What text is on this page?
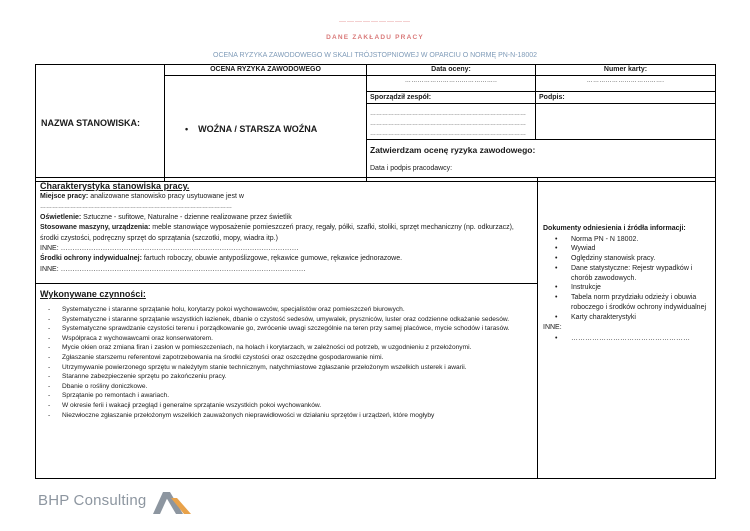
—————————
DANE ZAKŁADU PRACY
OCENA RYZYKA ZAWODOWEGO W SKALI TRÓJSTOPNIOWEJ W OPARCIU O NORMĘ PN-N-18002
NAZWA STANOWISKA:	OCENA RYZYKA ZAWODOWEGO	Data oceny:	Numer karty:
	• WOŹNA / STARSZA WOŹNA	……………………………………..	……………………………….
		Sporządził zespół:	Podpis:

		……………………………………………………………………
……………………………………………………………………
……………………………………………………………………	

		Zatwierdzam ocenę ryzyka zawodowego:
Data i podpis pracodawcy:	
Charakterystyka stanowiska pracy.
Miejsce pracy: analizowane stanowisko pracy usytuowane jest w
……………………………………………………………………………………
Oświetlenie: Sztuczne - sufitowe, Naturalne - dzienne realizowane przez świetlik
Stosowane maszyny, urządzenia: meble stanowiące wyposażenie pomieszczeń pracy, regały, półki, szafki, stoliki, sprzęt mechaniczny (np. odkurzacz), środki czystości, podręczny sprzęt do sprzątania (szczotki, mopy, wiadra itp.)
INNE: …………………………………………………………………………………………
Środki ochrony indywidualnej: fartuch roboczy, obuwie antypoślizgowe, rękawice gumowe, rękawice jednorazowe.
INNE: ……………………………………………………………………………………………

Dokumenty odniesienia i źródła informacji:
• Norma PN - N 18002.
• Wywiad
• Oględziny stanowisk pracy.
• Dane statystyczne: Rejestr wypadków i chorób zawodowych.
• Instrukcje
• Tabela norm przydziału odzieży i obuwia roboczego i środków ochrony indywidualnej
• Karty charakterystyki
INNE:
• ……………………………………………

Wykonywane czynności:
- Systematyczne i staranne sprzątanie holu, korytarzy pokoi wychowawców, specjalistów oraz pomieszczeń biurowych.
- Systematyczne i staranne sprzątanie wszystkich łazienek, dbanie o czystość sedesów, umywalek, pryszniców, luster oraz codzienne odkażanie sedesów.
- Systematyczne sprawdzanie czystości terenu i porządkowanie go, zwrócenie uwagi szczególnie na teren przy samej placówce, mycie schodów i tarasów.
- Współpraca z wychowawcami oraz konserwatorem.
- Mycie okien oraz zmiana firan i zasłon w pomieszczeniach, na holach i korytarzach, w zależności od potrzeb, w uzgodnieniu z przełożonymi.
- Zgłaszanie starszemu referentowi zapotrzebowania na środki czystości oraz oszczędne gospodarowanie nimi.
- Utrzymywanie powierzonego sprzętu w należytym stanie technicznym, natychmiastowe zgłaszanie przełożonym wszelkich usterek i awarii.
- Staranne zabezpieczenie sprzętu po zakończeniu pracy.
- Dbanie o rośliny doniczkowe.
- Sprzątanie po remontach i awariach.
- W okresie ferii i wakacji przegląd i generalne sprzątanie wszystkich pokoi wychowanków.
- Niezwłoczne zgłaszanie przełożonym wszelkich zauważonych nieprawidłowości w działaniu sprzętów i urządzeń, które mogłyby
BHP Consulting
